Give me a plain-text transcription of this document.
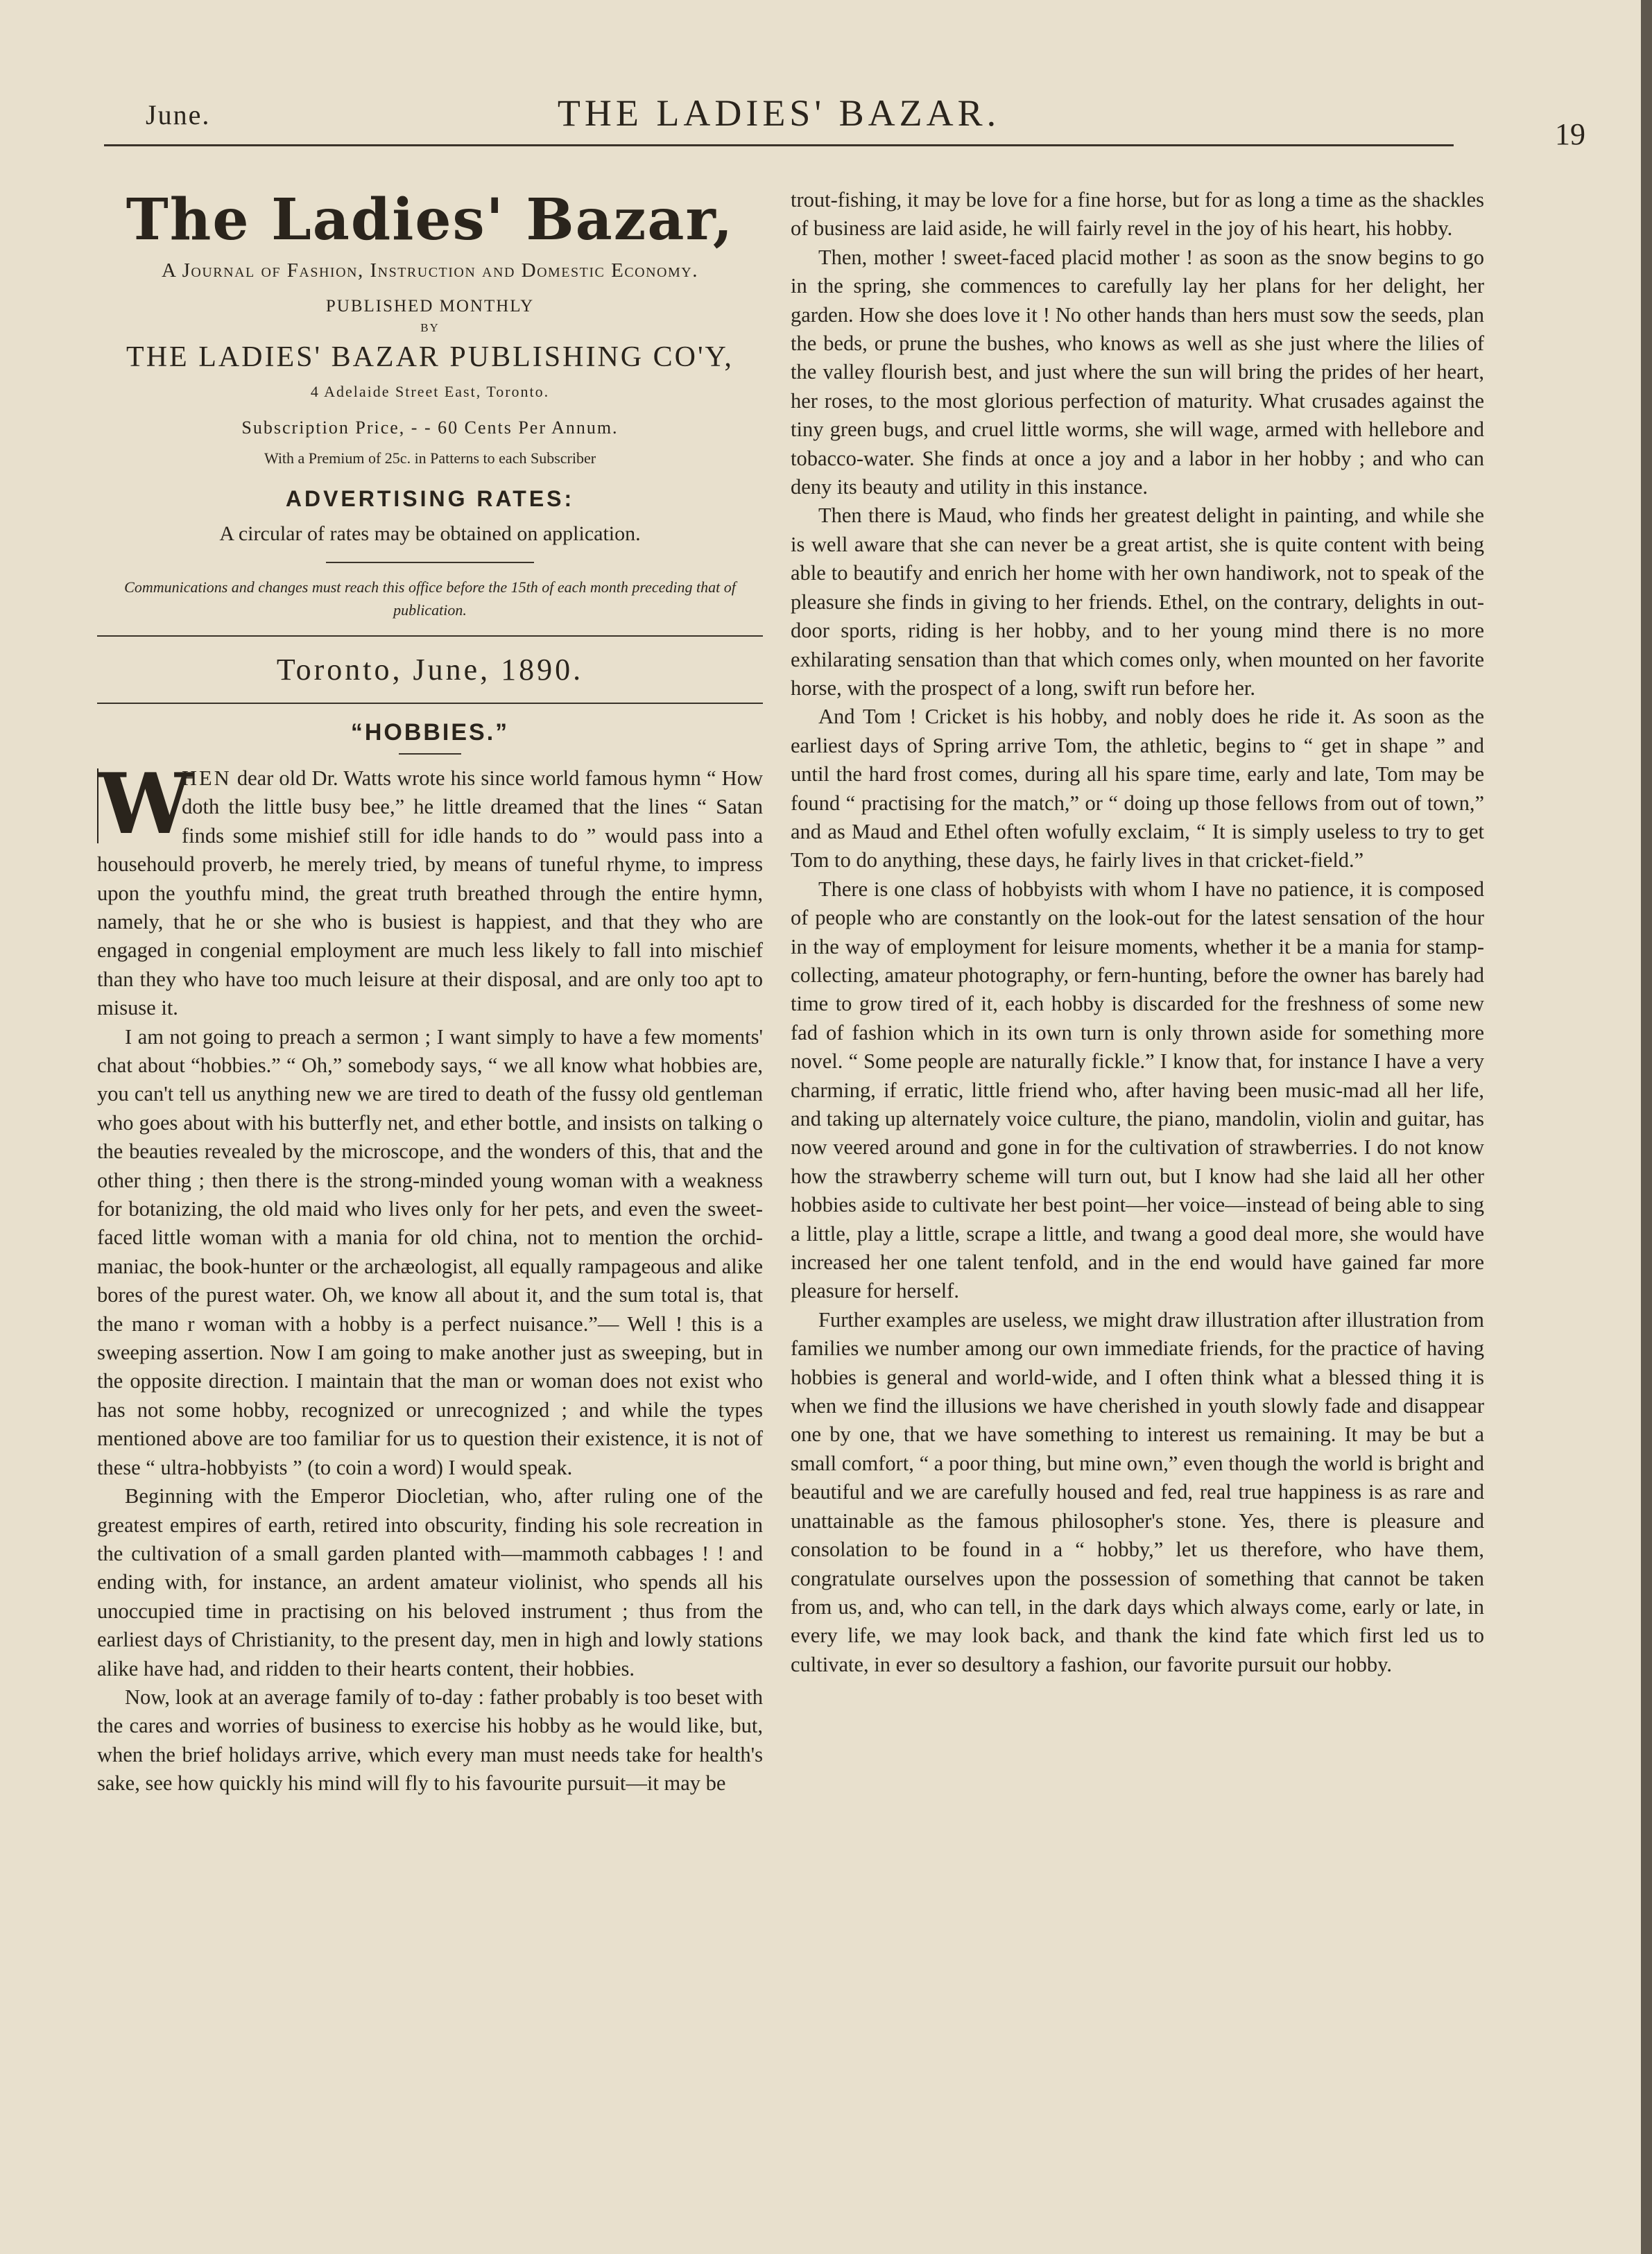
June.	THE LADIES' BAZAR.
19
The Ladies' Bazar,
A Journal of Fashion, Instruction and Domestic Economy.
PUBLISHED MONTHLY
BY
THE LADIES' BAZAR PUBLISHING CO'Y,
4 Adelaide Street East, Toronto.
Subscription Price, - - 60 Cents Per Annum.
With a Premium of 25c. in Patterns to each Subscriber
ADVERTISING RATES:
A circular of rates may be obtained on application.
Communications and changes must reach this office before the 15th of each month preceding that of publication.
Toronto, June, 1890.
“HOBBIES.”

W
HEN dear old Dr. Watts wrote his since world famous hymn “ How doth the little busy bee,” he little dreamed that the lines “ Satan finds some mishief still for idle hands to do ” would pass into a househould proverb, he merely tried, by means of tuneful rhyme, to impress upon the youthfu mind, the great truth breathed through the entire hymn, namely, that he or she who is busiest is happiest, and that they who are engaged in congenial employment are much less likely to fall into mischief than they who have too much leisure at their disposal, and are only too apt to misuse it.

I am not going to preach a sermon ; I want simply to have a few moments' chat about “hobbies.” “ Oh,” somebody says, “ we all know what hobbies are, you can't tell us anything new we are tired to death of the fussy old gentleman who goes about with his butterfly net, and ether bottle, and insists on talking o the beauties revealed by the microscope, and the wonders of this, that and the other thing ; then there is the strong-minded young woman with a weakness for botanizing, the old maid who lives only for her pets, and even the sweet-faced little woman with a mania for old china, not to mention the orchid-maniac, the book-hunter or the archæologist, all equally rampageous and alike bores of the purest water. Oh, we know all about it, and the sum total is, that the mano r woman with a hobby is a perfect nuisance.”— Well ! this is a sweeping assertion. Now I am going to make another just as sweeping, but in the opposite direction. I maintain that the man or woman does not exist who has not some hobby, recognized or unrecognized ; and while the types mentioned above are too familiar for us to question their existence, it is not of these “ ultra-hobbyists ” (to coin a word) I would speak.

Beginning with the Emperor Diocletian, who, after ruling one of the greatest empires of earth, retired into obscurity, finding his sole recreation in the cultivation of a small garden planted with—mammoth cabbages ! ! and ending with, for instance, an ardent amateur violinist, who spends all his unoccupied time in practising on his beloved instrument ; thus from the earliest days of Christianity, to the present day, men in high and lowly stations alike have had, and ridden to their hearts content, their hobbies.

Now, look at an average family of to-day : father probably is too beset with the cares and worries of business to exercise his hobby as he would like, but, when the brief holidays arrive, which every man must needs take for health's sake, see how quickly his mind will fly to his favourite pursuit—it may be

trout-fishing, it may be love for a fine horse, but for as long a time as the shackles of business are laid aside, he will fairly revel in the joy of his heart, his hobby.

Then, mother ! sweet-faced placid mother ! as soon as the snow begins to go in the spring, she commences to carefully lay her plans for her delight, her garden. How she does love it ! No other hands than hers must sow the seeds, plan the beds, or prune the bushes, who knows as well as she just where the lilies of the valley flourish best, and just where the sun will bring the prides of her heart, her roses, to the most glorious perfection of maturity. What crusades against the tiny green bugs, and cruel little worms, she will wage, armed with hellebore and tobacco-water. She finds at once a joy and a labor in her hobby ; and who can deny its beauty and utility in this instance.

Then there is Maud, who finds her greatest delight in painting, and while she is well aware that she can never be a great artist, she is quite content with being able to beautify and enrich her home with her own handiwork, not to speak of the pleasure she finds in giving to her friends. Ethel, on the contrary, delights in out-door sports, riding is her hobby, and to her young mind there is no more exhilarating sensation than that which comes only, when mounted on her favorite horse, with the prospect of a long, swift run before her.

And Tom ! Cricket is his hobby, and nobly does he ride it. As soon as the earliest days of Spring arrive Tom, the athletic, begins to “ get in shape ” and until the hard frost comes, during all his spare time, early and late, Tom may be found “ practising for the match,” or “ doing up those fellows from out of town,” and as Maud and Ethel often wofully exclaim, “ It is simply useless to try to get Tom to do anything, these days, he fairly lives in that cricket-field.”

There is one class of hobbyists with whom I have no patience, it is composed of people who are constantly on the look-out for the latest sensation of the hour in the way of employment for leisure moments, whether it be a mania for stamp-collecting, amateur photography, or fern-hunting, before the owner has barely had time to grow tired of it, each hobby is discarded for the freshness of some new fad of fashion which in its own turn is only thrown aside for something more novel. “ Some people are naturally fickle.” I know that, for instance I have a very charming, if erratic, little friend who, after having been music-mad all her life, and taking up alternately voice culture, the piano, mandolin, violin and guitar, has now veered around and gone in for the cultivation of strawberries. I do not know how the strawberry scheme will turn out, but I know had she laid all her other hobbies aside to cultivate her best point—her voice—instead of being able to sing a little, play a little, scrape a little, and twang a good deal more, she would have increased her one talent tenfold, and in the end would have gained far more pleasure for herself.

Further examples are useless, we might draw illustration after illustration from families we number among our own immediate friends, for the practice of having hobbies is general and world-wide, and I often think what a blessed thing it is when we find the illusions we have cherished in youth slowly fade and disappear one by one, that we have something to interest us remaining. It may be but a small comfort, “ a poor thing, but mine own,” even though the world is bright and beautiful and we are carefully housed and fed, real true happiness is as rare and unattainable as the famous philosopher's stone. Yes, there is pleasure and consolation to be found in a “ hobby,” let us therefore, who have them, congratulate ourselves upon the possession of something that cannot be taken from us, and, who can tell, in the dark days which always come, early or late, in every life, we may look back, and thank the kind fate which first led us to cultivate, in ever so desultory a fashion, our favorite pursuit our hobby.
